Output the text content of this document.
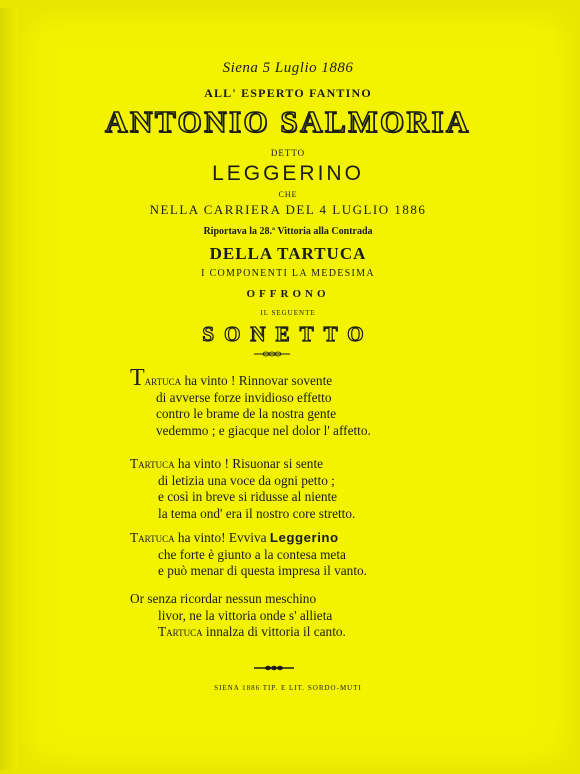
Siena 5 Luglio 1886
ALL' ESPERTO FANTINO
ANTONIO SALMORIA
DETTO
LEGGERINO
CHE
NELLA CARRIERA DEL 4 LUGLIO 1886
Riportava la 28.ª Vittoria alla Contrada
DELLA TARTUCA
I COMPONENTI LA MEDESIMA
OFFRONO
IL SEGUENTE
SONETTO
Tartuca ha vinto ! Rinnovar sovente
di avverse forze invidioso effetto
contro le brame de la nostra gente
vedemmo ; e giacque nel dolor l' affetto.
Tartuca ha vinto ! Risuonar si sente
di letizia una voce da ogni petto ;
e così in breve si ridusse al niente
la tema ond' era il nostro core stretto.
Tartuca ha vinto! Evviva Leggerino
che forte è giunto a la contesa meta
e può menar di questa impresa il vanto.
Or senza ricordar nessun meschino
livor, ne la vittoria onde s' allieta
Tartuca innalza di vittoria il canto.
SIENA 1886 TIP. E LIT. SORDO-MUTI
